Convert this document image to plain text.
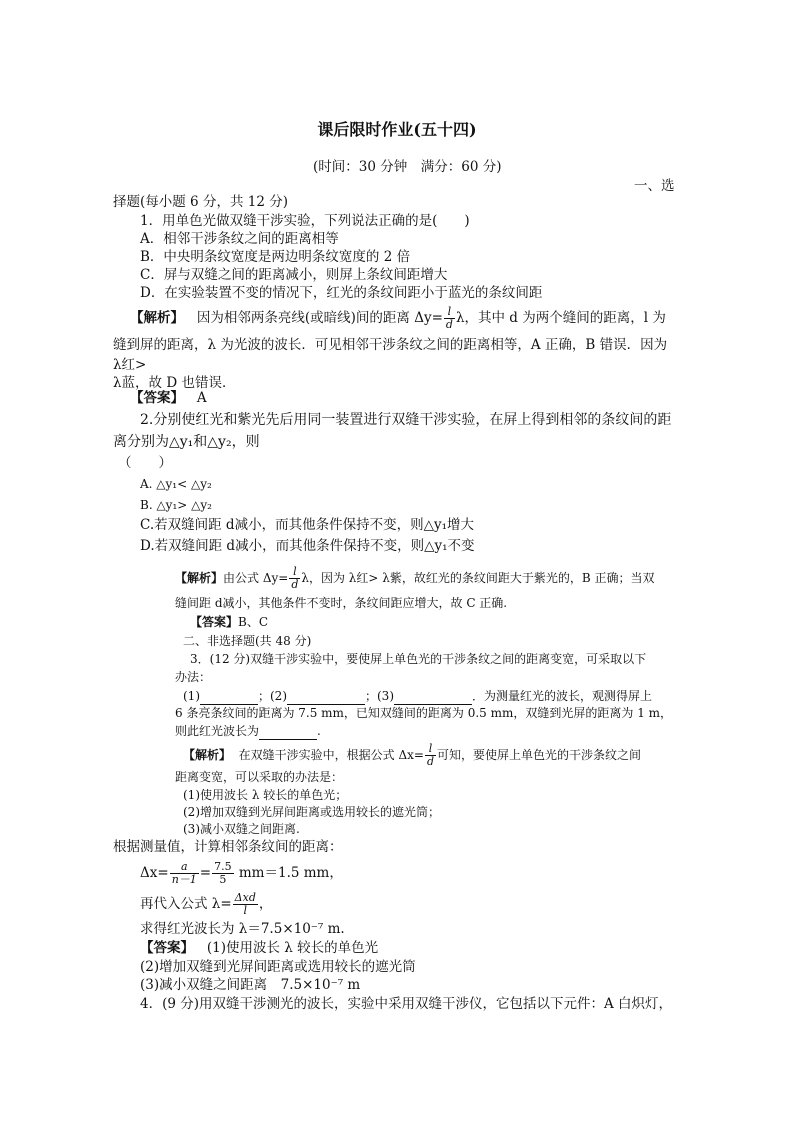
课后限时作业(五十四)
(时间：30 分钟　满分：60 分)
一、选
择题(每小题 6 分，共 12 分)
1．用单色光做双缝干涉实验，下列说法正确的是(　　)
A．相邻干涉条纹之间的距离相等
B．中央明条纹宽度是两边明条纹宽度的 2 倍
C．屏与双缝之间的距离减小，则屏上条纹间距增大
D．在实验装置不变的情况下，红光的条纹间距小于蓝光的条纹间距
【解析】 因为相邻两条亮线(或暗线)间的距离 $\Delta y= \frac{l}{d}$ λ，其中 d 为两个缝间的距离，l 为
缝到屏的距离，λ 为光波的波长．可见相邻干涉条纹之间的距离相等，A 正确，B 错误．因为
λ红>
λ蓝，故 D 也错误．
【答案】 A
2.分别使红光和紫光先后用同一装置进行双缝干涉实验，在屏上得到相邻的条纹间的距
离分别为△y₁和△y₂，则
（　　）
A. △y₁< △y₂
B. △y₁> △y₂
C.若双缝间距 d减小，而其他条件保持不变，则△y₁增大
D.若双缝间距 d减小，而其他条件保持不变，则△y₁不变
【解析】由公式 $\Delta y= \frac{l}{d}$ λ，因为 λ红> λ紫，故红光的条纹间距大于紫光的，B 正确；当双
缝间距 d减小，其他条件不变时，条纹间距应增大，故 C 正确.
【答案】B、C
二、非选择题(共 48 分)
3．(12 分)双缝干涉实验中，要使屏上单色光的干涉条纹之间的距离变宽，可采取以下
办法：
(1)	；(2)	；(3)	．为测量红光的波长，观测得屏上
6 条亮条纹间的距离为 7.5 mm，已知双缝间的距离为 0.5 mm，双缝到光屏的距离为 1 m，
则此红光波长为	.
【解析】 在双缝干涉实验中，根据公式 $\Delta x= \frac{l}{d}$ 可知，要使屏上单色光的干涉条纹之间
距离变宽，可以采取的办法是：
(1)使用波长 λ 较长的单色光；
(2)增加双缝到光屏间距离或选用较长的遮光筒；
(3)减小双缝之间距离.
根据测量值，计算相邻条纹间的距离：
$\Delta x= \frac{a}{n-1} = \frac{7.5}{5} mm=1.5$ mm，
再代入公式 $\lambda= \frac{\text{Δxd}}{l}$ ，
求得红光波长为 λ＝7.5×10⁻⁷ m.
【答案】 (1)使用波长 λ 较长的单色光
(2)增加双缝到光屏间距离或选用较长的遮光筒
(3)减小双缝之间距离　7.5×10⁻⁷ m
4．(9 分)用双缝干涉测光的波长，实验中采用双缝干涉仪，它包括以下元件：A 白炽灯，
